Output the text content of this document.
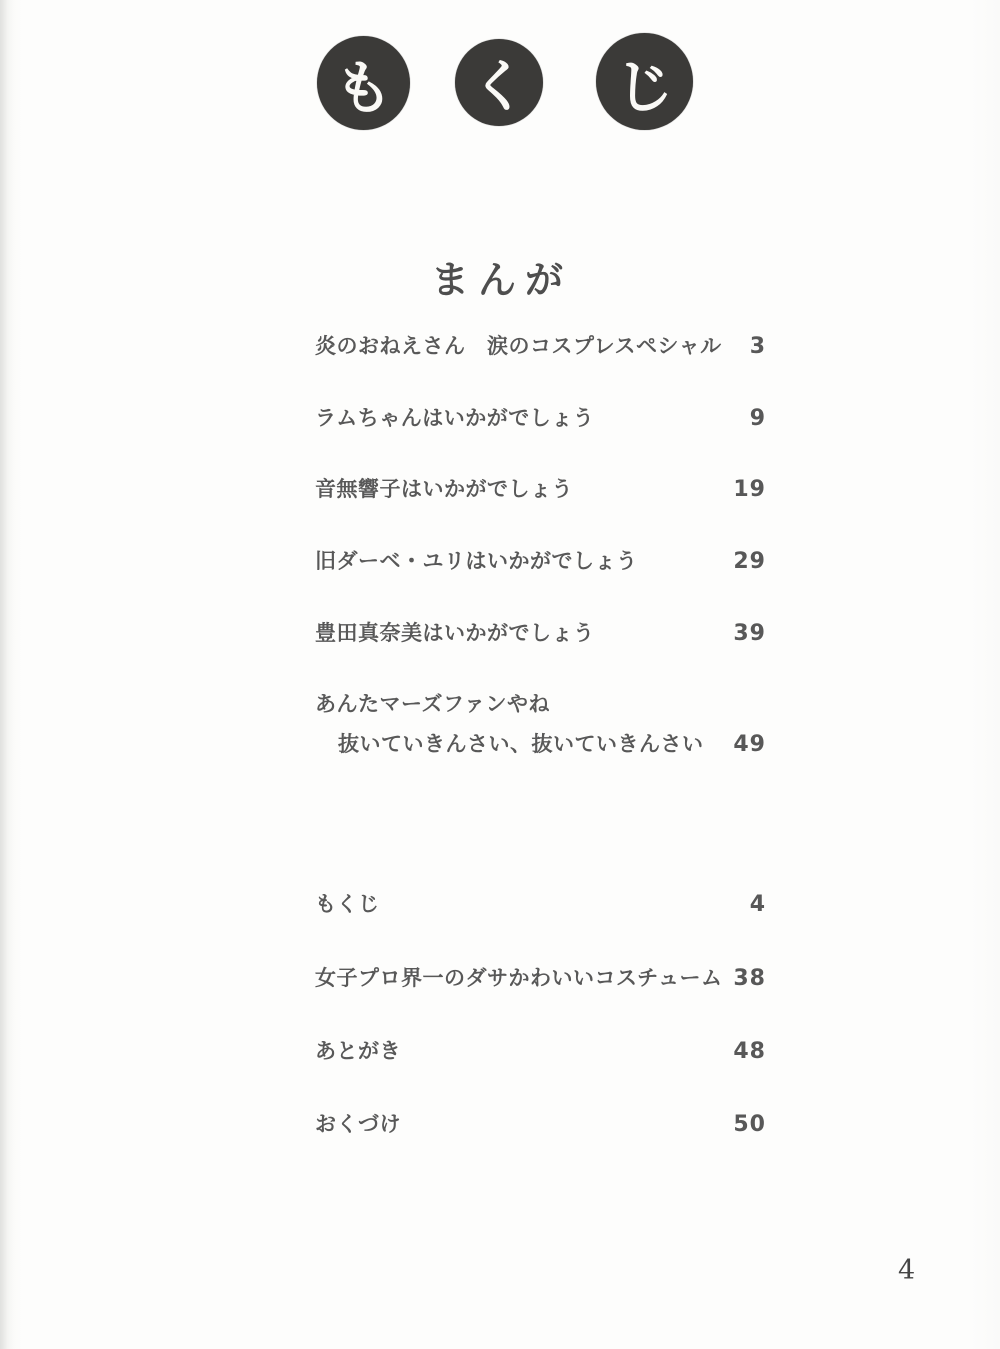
も く じ
まんが
炎のおねえさん　涙のコスプレスペシャル 3
ラムちゃんはいかがでしょう	9
音無響子はいかがでしょう	19
旧ダーベ・ユリはいかがでしょう	29
豊田真奈美はいかがでしょう	39
あんたマーズファンやね
抜いていきんさい、抜いていきんさい 49
もくじ	4
女子プロ界一のダサかわいいコスチューム 38
あとがき	48
おくづけ	50
4
